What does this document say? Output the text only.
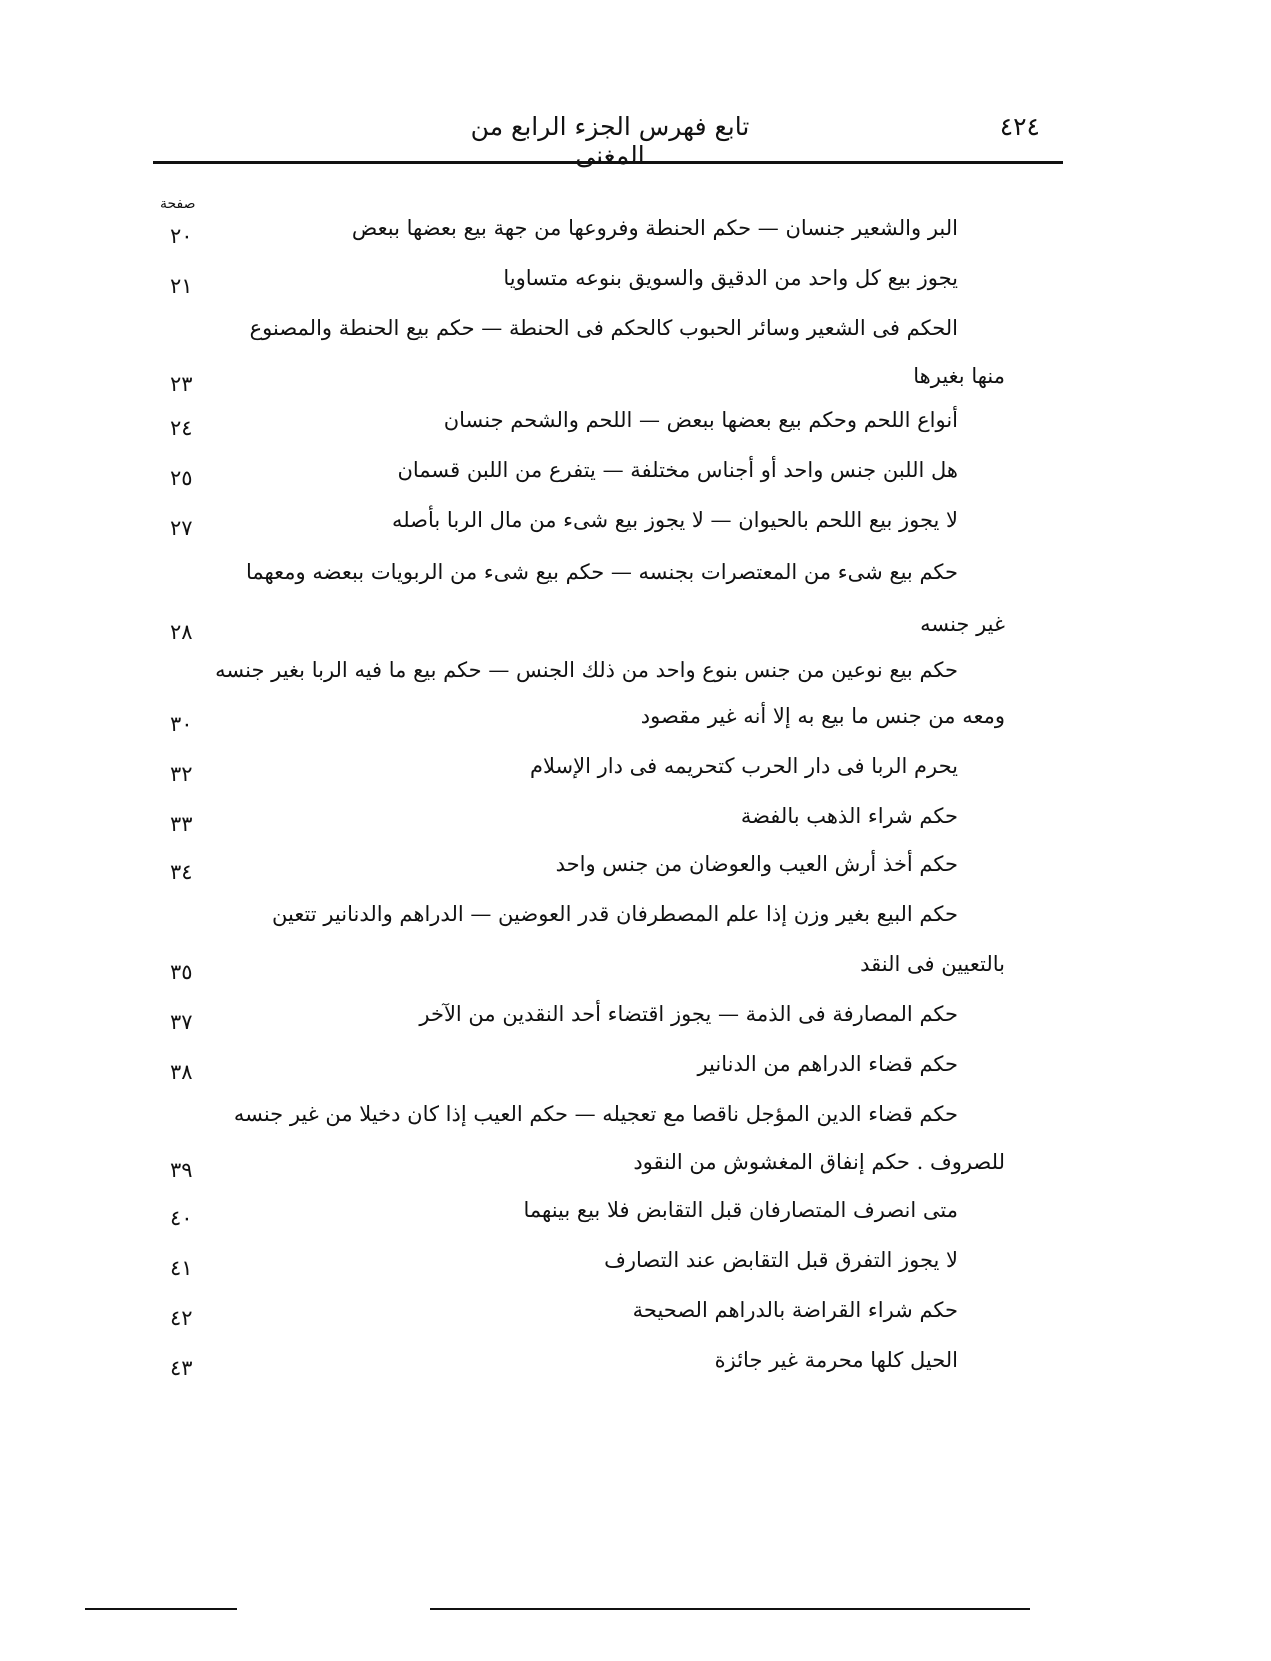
تابع فهرس الجزء الرابع من المغنى
٤٢٤
صفحة
البر والشعير جنسان — حكم الحنطة وفروعها من جهة بيع بعضها ببعض
٢٠
يجوز بيع كل واحد من الدقيق والسويق بنوعه متساويا
٢١
الحكم فى الشعير وسائر الحبوب كالحكم فى الحنطة — حكم بيع الحنطة والمصنوع
منها بغيرها
٢٣
أنواع اللحم وحكم بيع بعضها ببعض — اللحم والشحم جنسان
٢٤
هل اللبن جنس واحد أو أجناس مختلفة — يتفرع من اللبن قسمان
٢٥
لا يجوز بيع اللحم بالحيوان — لا يجوز بيع شىء من مال الربا بأصله
٢٧
حكم بيع شىء من المعتصرات بجنسه — حكم بيع شىء من الربويات ببعضه ومعهما
غير جنسه
٢٨
حكم بيع نوعين من جنس بنوع واحد من ذلك الجنس — حكم بيع ما فيه الربا بغير جنسه
ومعه من جنس ما بيع به إلا أنه غير مقصود
٣٠
يحرم الربا فى دار الحرب كتحريمه فى دار الإسلام
٣٢
حكم شراء الذهب بالفضة
٣٣
حكم أخذ أرش العيب والعوضان من جنس واحد
٣٤
حكم البيع بغير وزن إذا علم المصطرفان قدر العوضين — الدراهم والدنانير تتعين
بالتعيين فى النقد
٣٥
حكم المصارفة فى الذمة — يجوز اقتضاء أحد النقدين من الآخر
٣٧
حكم قضاء الدراهم من الدنانير
٣٨
حكم قضاء الدين المؤجل ناقصا مع تعجيله — حكم العيب إذا كان دخيلا من غير جنسه
للصروف . حكم إنفاق المغشوش من النقود
٣٩
متى انصرف المتصارفان قبل التقابض فلا بيع بينهما
٤٠
لا يجوز التفرق قبل التقابض عند التصارف
٤١
حكم شراء القراضة بالدراهم الصحيحة
٤٢
الحيل كلها محرمة غير جائزة
٤٣
